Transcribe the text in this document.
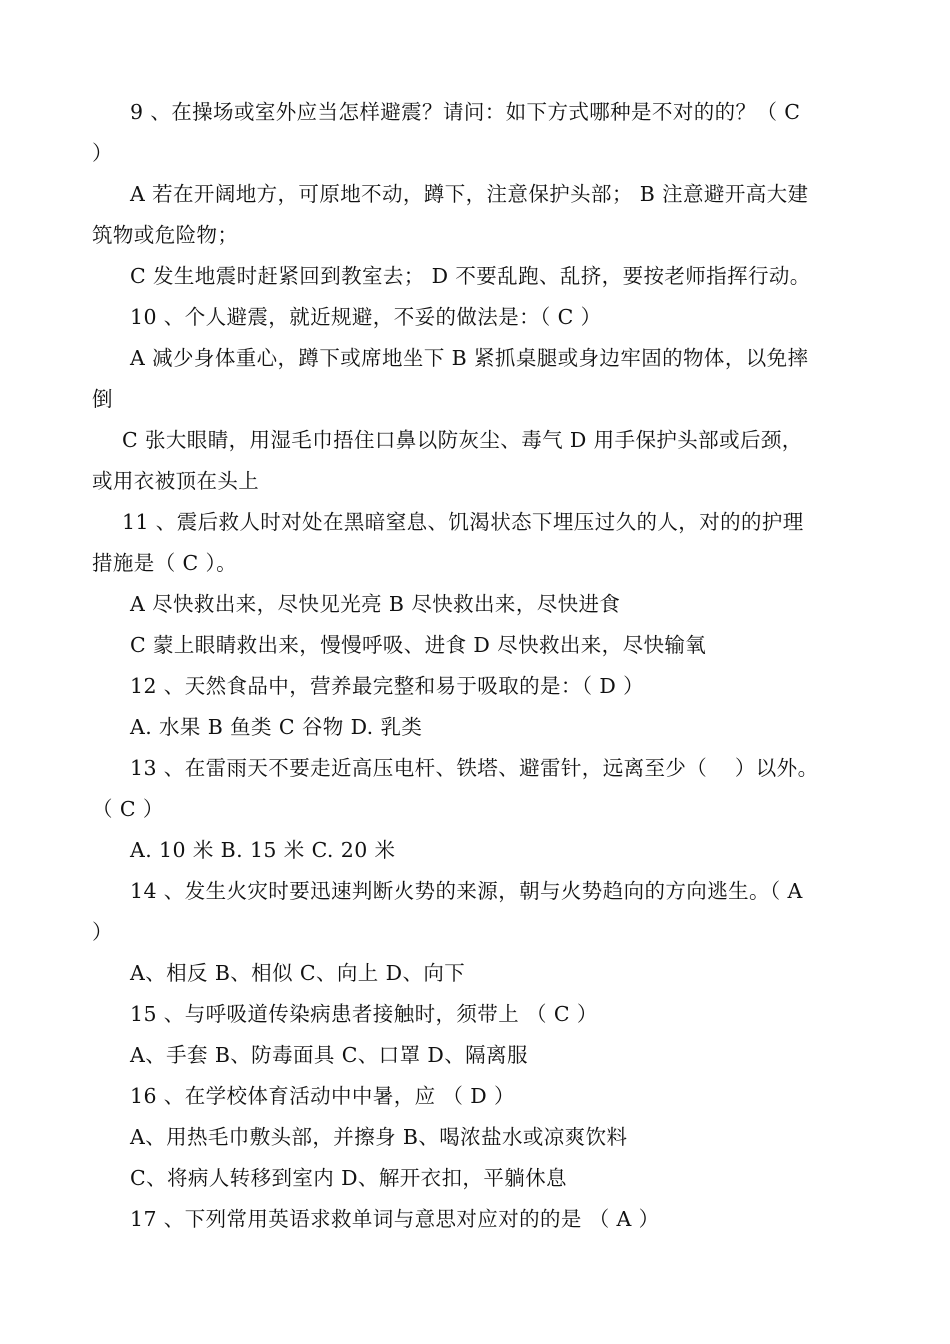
9 、在操场或室外应当怎样避震？请问：如下方式哪种是不对的的？（ C
）
A 若在开阔地方，可原地不动，蹲下，注意保护头部； B 注意避开高大建
筑物或危险物；
C 发生地震时赶紧回到教室去； D 不要乱跑、乱挤，要按老师指挥行动。
10 、个人避震，就近规避，不妥的做法是：（ C ）
A 减少身体重心，蹲下或席地坐下 B 紧抓桌腿或身边牢固的物体，以免摔
倒
C 张大眼睛，用湿毛巾捂住口鼻以防灰尘、毒气 D 用手保护头部或后颈，
或用衣被顶在头上
11 、震后救人时对处在黑暗窒息、饥渴状态下埋压过久的人，对的的护理
措施是（ C ）。
A 尽快救出来，尽快见光亮 B 尽快救出来，尽快进食
C 蒙上眼睛救出来，慢慢呼吸、进食 D 尽快救出来，尽快输氧
12 、天然食品中，营养最完整和易于吸取的是：（ D ）
A. 水果 B 鱼类 C 谷物 D. 乳类
13 、在雷雨天不要走近高压电杆、铁塔、避雷针，远离至少（    ）以外。
（ C ）
A. 10 米 B. 15 米 C. 20 米
14 、发生火灾时要迅速判断火势的来源，朝与火势趋向的方向逃生。（ A
）
A、相反 B、相似 C、向上 D、向下
15 、与呼吸道传染病患者接触时，须带上 （ C ）
A、手套 B、防毒面具 C、口罩 D、隔离服
16 、在学校体育活动中中暑，应 （ D ）
A、用热毛巾敷头部，并擦身 B、喝浓盐水或凉爽饮料
C、将病人转移到室内 D、解开衣扣，平躺休息
17 、下列常用英语求救单词与意思对应对的的是 （ A ）
